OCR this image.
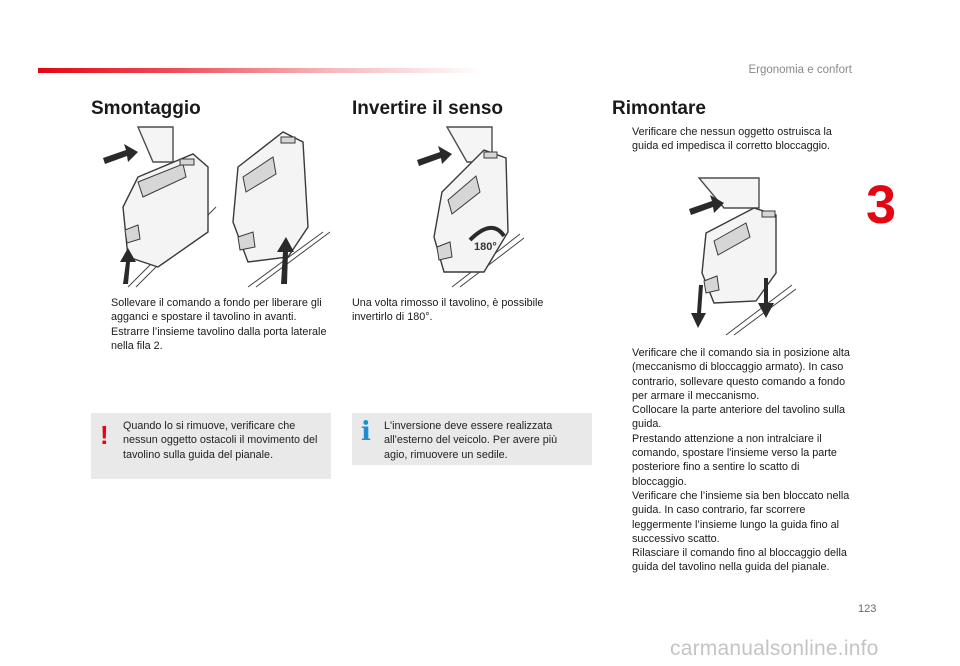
Ergonomia e confort
3
Smontaggio
Sollevare il comando a fondo per liberare gli agganci e spostare il tavolino in avanti.
Estrarre l’insieme tavolino dalla porta laterale nella fila 2.
! Quando lo si rimuove, verificare che nessun oggetto ostacoli il movimento del tavolino sulla guida del pianale.
Invertire il senso
180°
Una volta rimosso il tavolino, è possibile invertirlo di 180°.
i L'inversione deve essere realizzata all'esterno del veicolo. Per avere più agio, rimuovere un sedile.
Rimontare
Verificare che nessun oggetto ostruisca la guida ed impedisca il corretto bloccaggio.
Verificare che il comando sia in posizione alta (meccanismo di bloccaggio armato). In caso contrario, sollevare questo comando a fondo per armare il meccanismo.
Collocare la parte anteriore del tavolino sulla guida.
Prestando attenzione a non intralciare il comando, spostare l'insieme verso la parte posteriore fino a sentire lo scatto di bloccaggio.
Verificare che l’insieme sia ben bloccato nella guida. In caso contrario, far scorrere leggermente l’insieme lungo la guida fino al successivo scatto.
Rilasciare il comando fino al bloccaggio della guida del tavolino nella guida del pianale.
123
carmanualsonline.info
